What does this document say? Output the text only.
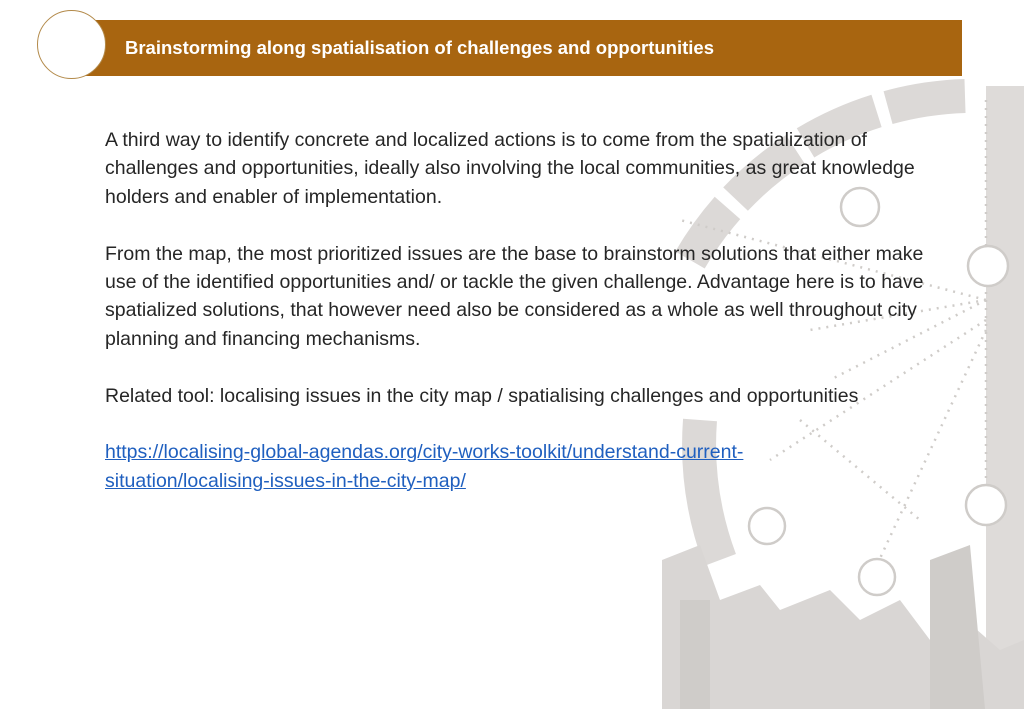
Brainstorming along spatialisation of challenges and opportunities

A third way to identify concrete and localized actions is to come from the spatialization of challenges and opportunities, ideally also involving the local communities, as great knowledge holders and enabler of implementation.

From the map, the most prioritized issues are the base to brainstorm solutions that either make use of the identified opportunities and/ or tackle the given challenge. Advantage here is to have spatialized solutions, that however need also be considered as a whole as well throughout city planning and financing mechanisms.

Related tool: localising issues in the city map / spatialising challenges and opportunities

https://localising-global-agendas.org/city-works-toolkit/understand-current-
situation/localising-issues-in-the-city-map/
